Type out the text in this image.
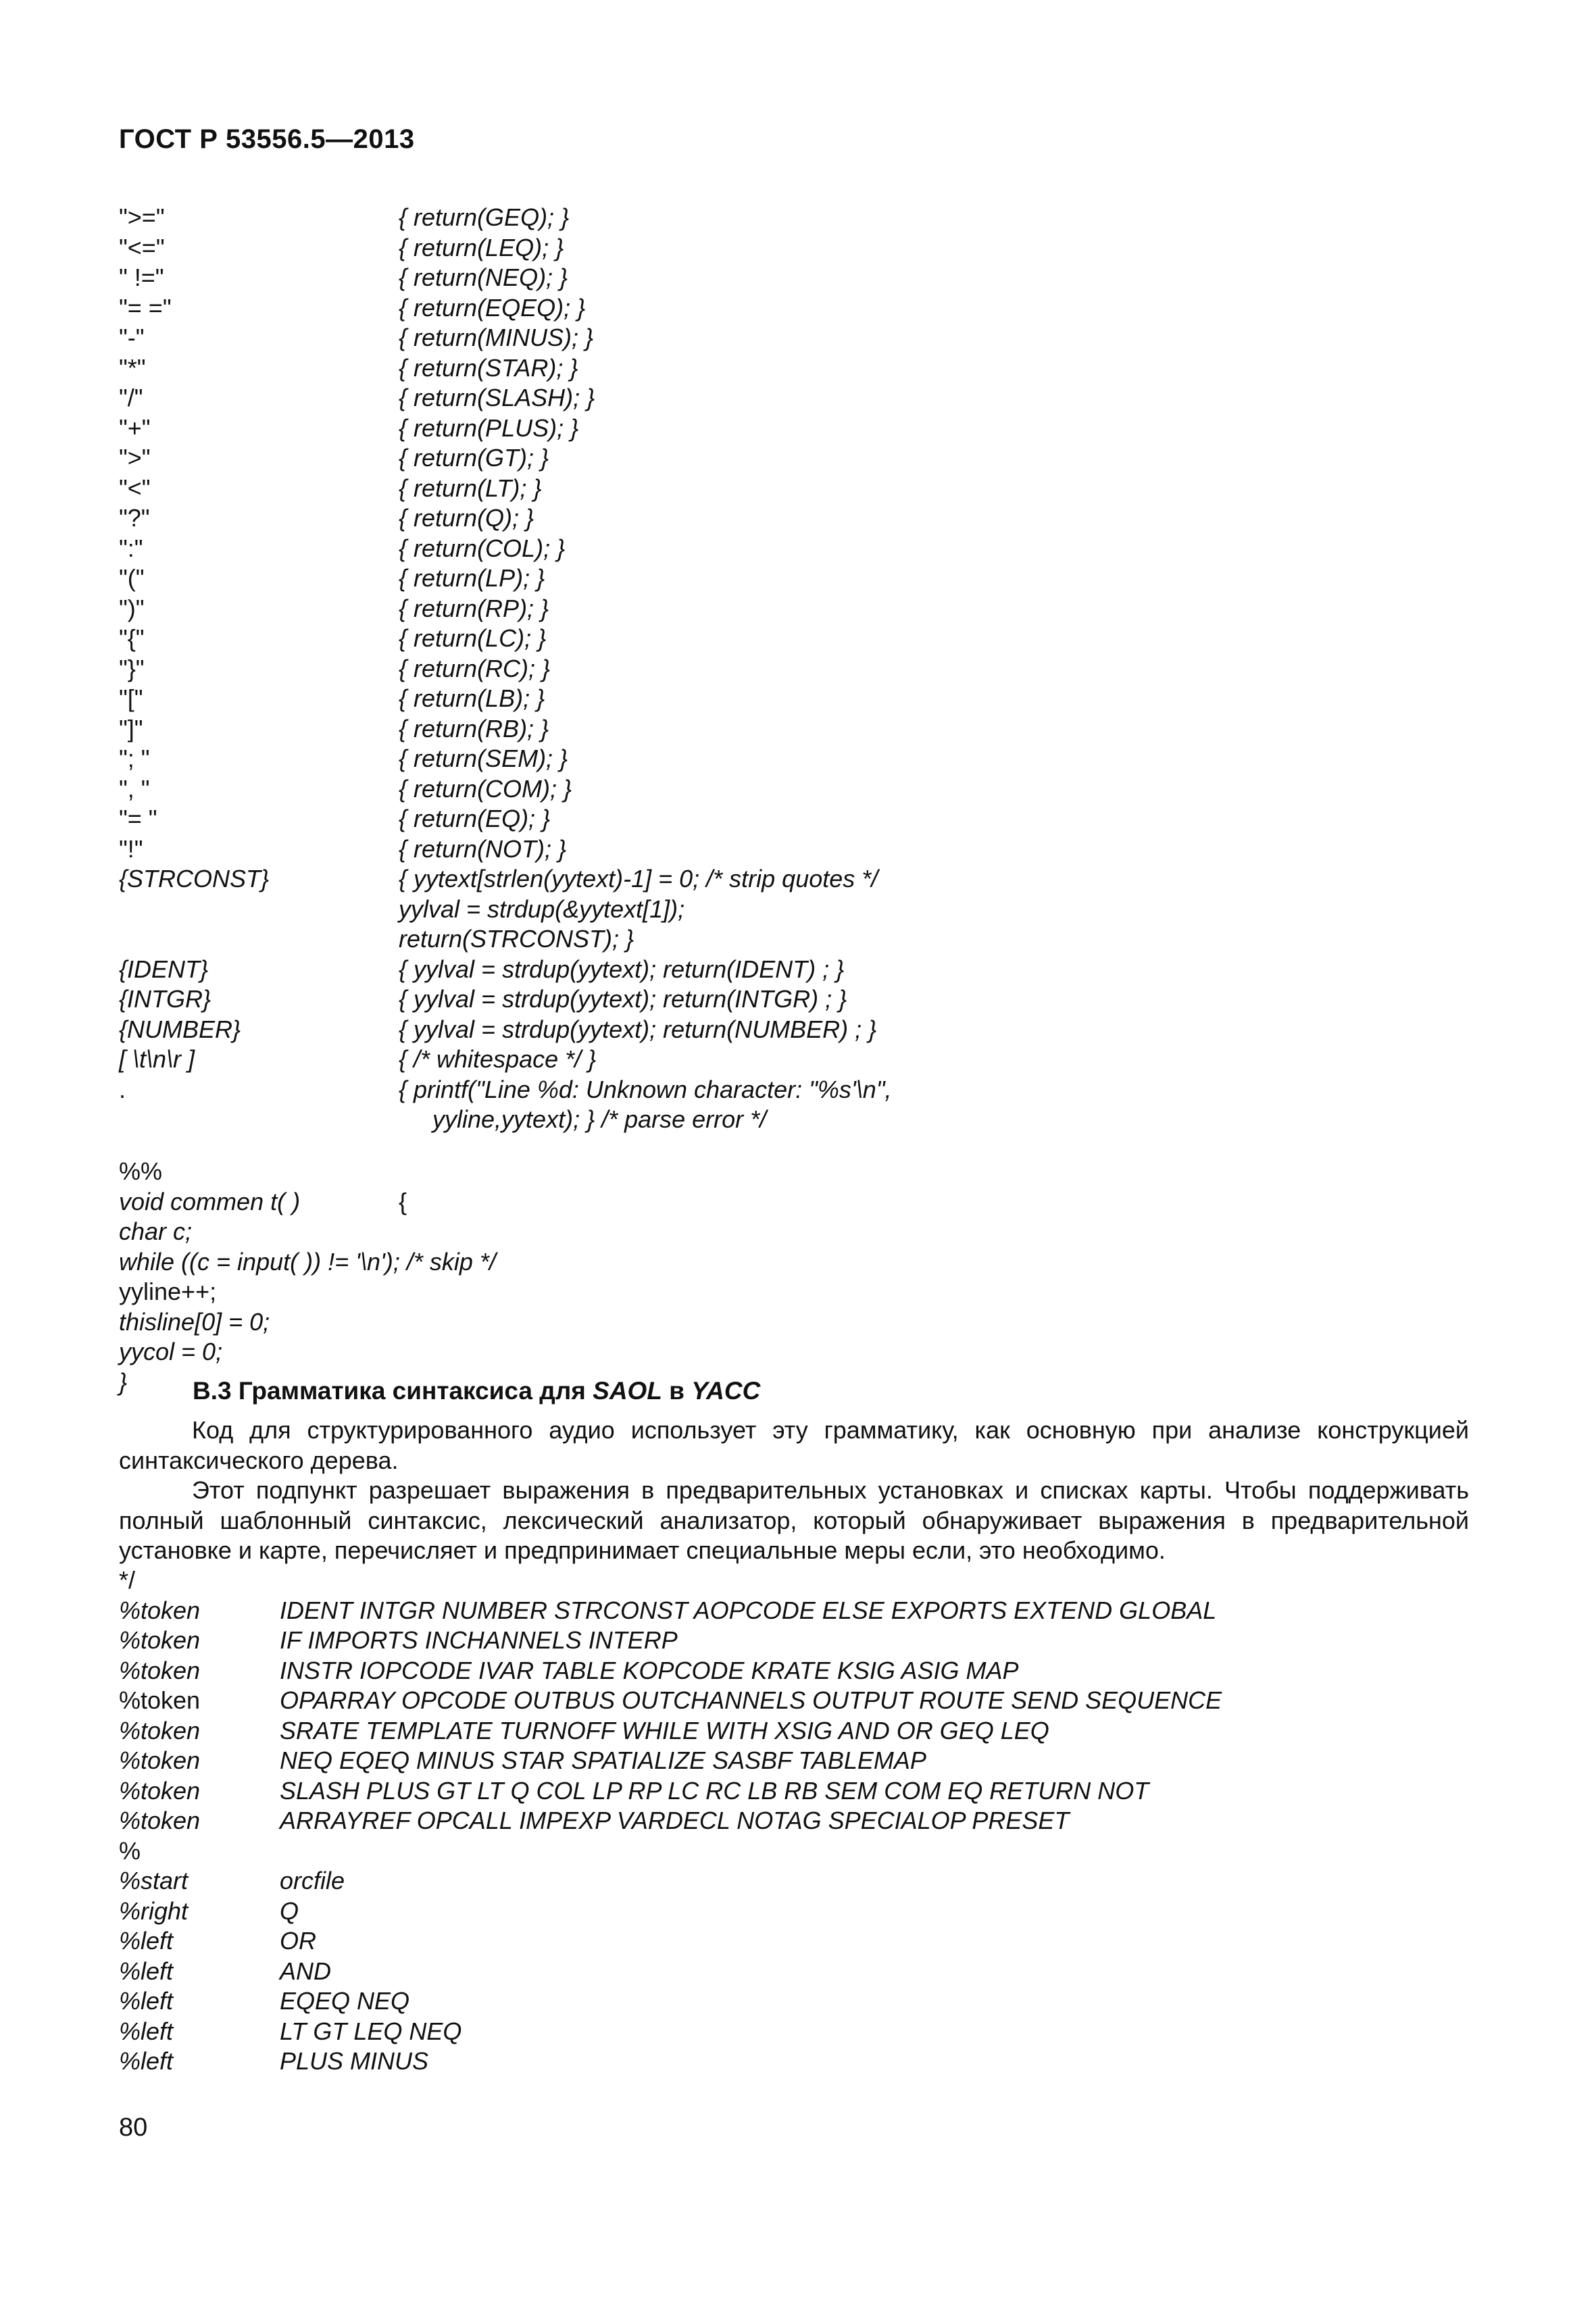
ГОСТ Р 53556.5—2013
">="	{ return(GEQ); }
"<="	{ return(LEQ); }
" !="	{ return(NEQ); }
"= ="	{ return(EQEQ); }
"-"	{ return(MINUS); }
"*"	{ return(STAR); }
"/"	{ return(SLASH); }
"+"	{ return(PLUS); }
">"	{ return(GT); }
"<"	{ return(LT); }
"?"	{ return(Q); }
":"	{ return(COL); }
"("	{ return(LP); }
")"	{ return(RP); }
"{"	{ return(LC); }
"}"	{ return(RC); }
"["	{ return(LB); }
"]"	{ return(RB); }
"; "	{ return(SEM); }
", "	{ return(COM); }
"= "	{ return(EQ); }
"!"	{ return(NOT); }
{STRCONST}	{ yytext[strlen(yytext)-1] = 0; /* strip quotes */
yylval = strdup(&yytext[1]);
return(STRCONST); }
{IDENT}	{ yylval = strdup(yytext); return(IDENT) ; }
{INTGR}	{ yylval = strdup(yytext); return(INTGR) ; }
{NUMBER}	{ yylval = strdup(yytext); return(NUMBER) ; }
[ \t\n\r ]	{ /* whitespace */ }
.	{ printf("Line %d: Unknown character: "%s'\n",
yyline,yytext); } /* parse error */
%%
void commen t( )	{
char c;
while ((c = input( )) != '\n'); /* skip */
yyline++;
thisline[0] = 0;
yycol = 0;
}	В.3 Грамматика синтаксиса для SAOL в YACC
Код для структурированного аудио использует эту грамматику, как основную при анализе конструкцией синтаксического дерева.
Этот подпункт разрешает выражения в предварительных установках и списках карты. Чтобы поддерживать полный шаблонный синтаксис, лексический анализатор, который обнаруживает выражения в предварительной установке и карте, перечисляет и предпринимает специальные меры если, это необходимо.
*/
%token	IDENT INTGR NUMBER STRCONST AOPCODE ELSE EXPORTS EXTEND GLOBAL
%token	IF IMPORTS INCHANNELS INTERP
%token	INSTR IOPCODE IVAR TABLE KOPCODE KRATE KSIG ASIG MAP
%token	OPARRAY OPCODE OUTBUS OUTCHANNELS OUTPUT ROUTE SEND SEQUENCE
%token	SRATE TEMPLATE TURNOFF WHILE WITH XSIG AND OR GEQ LEQ
%token	NEQ EQEQ MINUS STAR SPATIALIZE SASBF TABLEMAP
%token	SLASH PLUS GT LT Q COL LP RP LC RC LB RB SEM COM EQ RETURN NOT
%token	ARRAYREF OPCALL IMPEXP VARDECL NOTAG SPECIALOP PRESET
%
%start	orcfile
%right	Q
%left	OR
%left	AND
%left	EQEQ NEQ
%left	LT GT LEQ NEQ
%left	PLUS MINUS
80
